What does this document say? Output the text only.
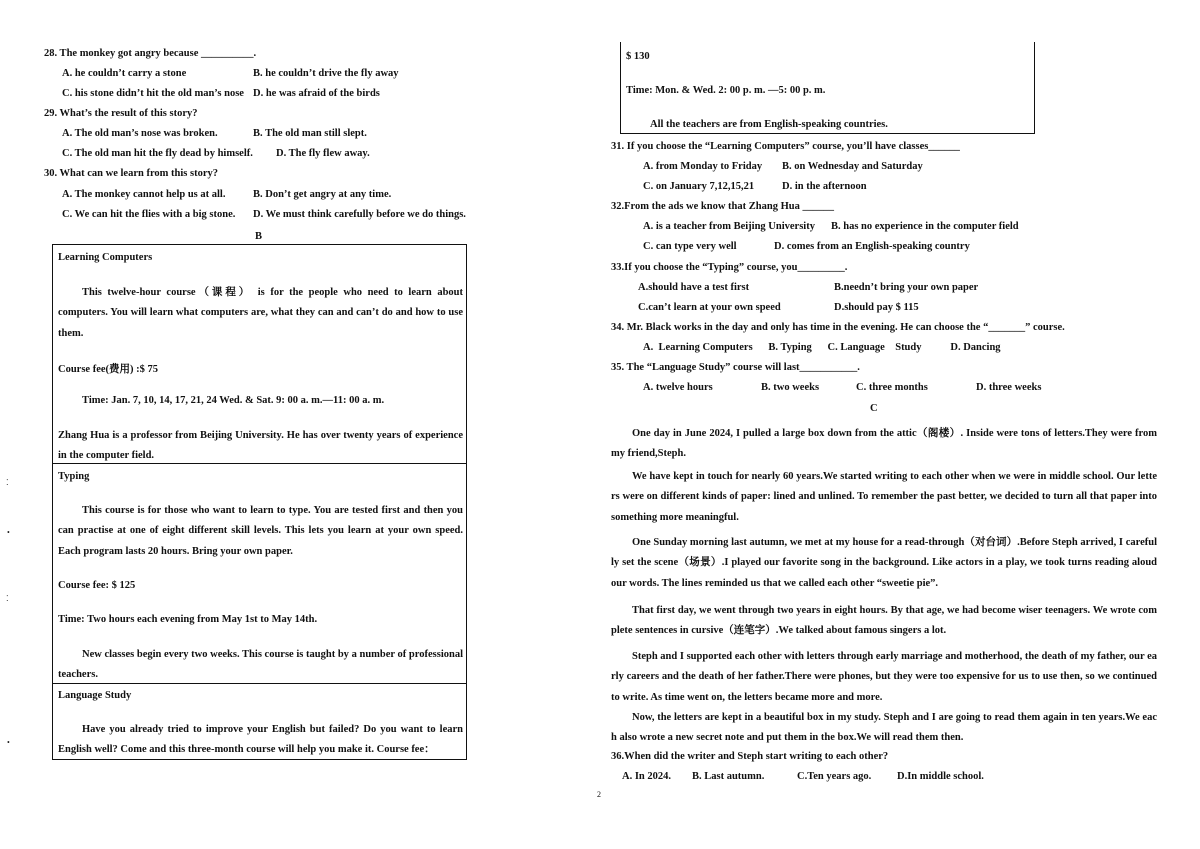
28. The monkey got angry because __________.
A. he couldn’t carry a stone	B. he couldn’t drive the fly away
C. his stone didn’t hit the old man’s nose D. he was afraid of the birds
29. What’s the result of this story?
A. The old man’s nose was broken.	B. The old man still slept.
C. The old man hit the fly dead by himself. D. The fly flew away.
30. What can we learn from this story?
A. The monkey cannot help us at all.	B. Don’t get angry at any time.
C. We can hit the flies with a big stone. D. We must think carefully before we do things.
B
Learning Computers
This twelve-hour course（课程） is for the people who need to learn about computers. You will learn what computers are, what they can and can’t do and how to use them.
Course fee(费用) :$ 75
Time: Jan. 7, 10, 14, 17, 21, 24 Wed. & Sat. 9: 00 a. m.—11: 00 a. m.
Zhang Hua is a professor from Beijing University. He has over twenty years of experience in the computer field.
Typing
This course is for those who want to learn to type. You are tested first and then you can practise at one of eight different skill levels. This lets you learn at your own speed. Each program lasts 20 hours. Bring your own paper.
Course fee: $ 125
Time: Two hours each evening from May 1st to May 14th.
New classes begin every two weeks. This course is taught by a number of professional teachers.
Language Study
Have you already tried to improve your English but failed? Do you want to learn English well? Come and this three-month course will help you make it. Course fee：
⁚
•
⁚
•
$ 130
Time: Mon. & Wed. 2: 00 p. m. —5: 00 p. m.
All the teachers are from English-speaking countries.
31. If you choose the “Learning Computers” course, you’ll have classes______
A. from Monday to Friday B. on Wednesday and Saturday
C. on January 7,12,15,21	D. in the afternoon
32.From the ads we know that Zhang Hua ______
A. is a teacher from Beijing University B. has no experience in the computer field
C. can type very well	D. comes from an English-speaking country
33.If you choose the “Typing” course, you_________.
A.should have a test first	B.needn’t bring your own paper
C.can’t learn at your own speed	D.should pay $ 115
34. Mr. Black works in the day and only has time in the evening. He can choose the “_______” course.
A.  Learning Computers      B. Typing      C. Language    Study           D. Dancing
35. The “Language Study” course will last___________.
A. twelve hours	B. two weeks	C. three months	D. three weeks
C
One day in June 2024, I pulled a large box down from the attic（阁楼）. Inside were tons of letters.They were from my friend,Steph.
We have kept in touch for nearly 60 years.We started writing to each other when we were in middle school. Our letters were on different kinds of paper: lined and unlined. To remember the past better, we decided to turn all that paper into something more meaningful.
One Sunday morning last autumn, we met at my house for a read-through（对台词）.Before Steph arrived, I carefully set the scene（场景）.I played our favorite song in the background. Like actors in a play, we took turns reading aloud our words. The lines reminded us that we called each other “sweetie pie”.
That first day, we went through two years in eight hours. By that age, we had become wiser teenagers. We wrote complete sentences in cursive（连笔字）.We talked about famous singers a lot.
Steph and I supported each other with letters through early marriage and motherhood, the death of my father, our early careers and the death of her father.There were phones, but they were too expensive for us to use then, so we continued to write. As time went on, the letters became more and more.
Now, the letters are kept in a beautiful box in my study. Steph and I are going to read them again in ten years.We each also wrote a new secret note and put them in the box.We will read them then.
36.When did the writer and Steph start writing to each other?
A. In 2024. B. Last autumn.	C.Ten years ago. D.In middle school.
2
